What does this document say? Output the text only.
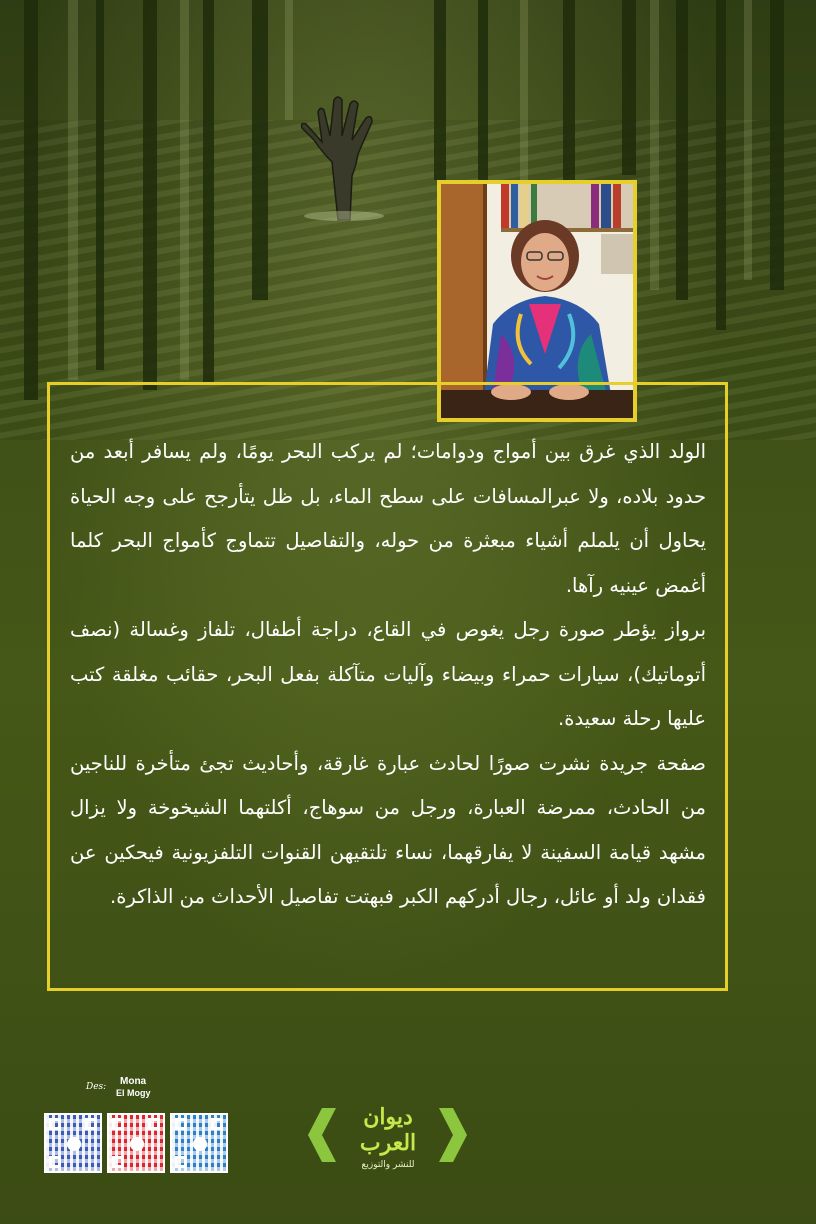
الولد الذي غرق بين أمواج ودوامات؛ لم يركب البحر يومًا، ولم يسافر أبعد من حدود بلاده، ولا عبرالمسافات على سطح الماء، بل ظل يتأرجح على وجه الحياة يحاول أن يلملم أشياء مبعثرة من حوله، والتفاصيل تتماوج كأمواج البحر كلما أغمض عينيه رآها.

برواز يؤطر صورة رجل يغوص في القاع، دراجة أطفال، تلفاز وغسالة (نصف أتوماتيك)، سيارات حمراء وبيضاء وآليات متآكلة بفعل البحر، حقائب مغلقة كتب عليها رحلة سعيدة.

صفحة جريدة نشرت صورًا لحادث عبارة غارقة، وأحاديث تجئ متأخرة للناجين من الحادث، ممرضة العبارة، ورجل من سوهاج، أكلتهما الشيخوخة ولا يزال مشهد قيامة السفينة لا يفارقهما، نساء تلتقيهن القنوات التلفزيونية فيحكين عن فقدان ولد أو عائل، رجال أدركهم الكبر فبهتت تفاصيل الأحداث من الذاكرة.

Des: Mona
El Mogy
ديوان العرب
للنشر والتوزيع
